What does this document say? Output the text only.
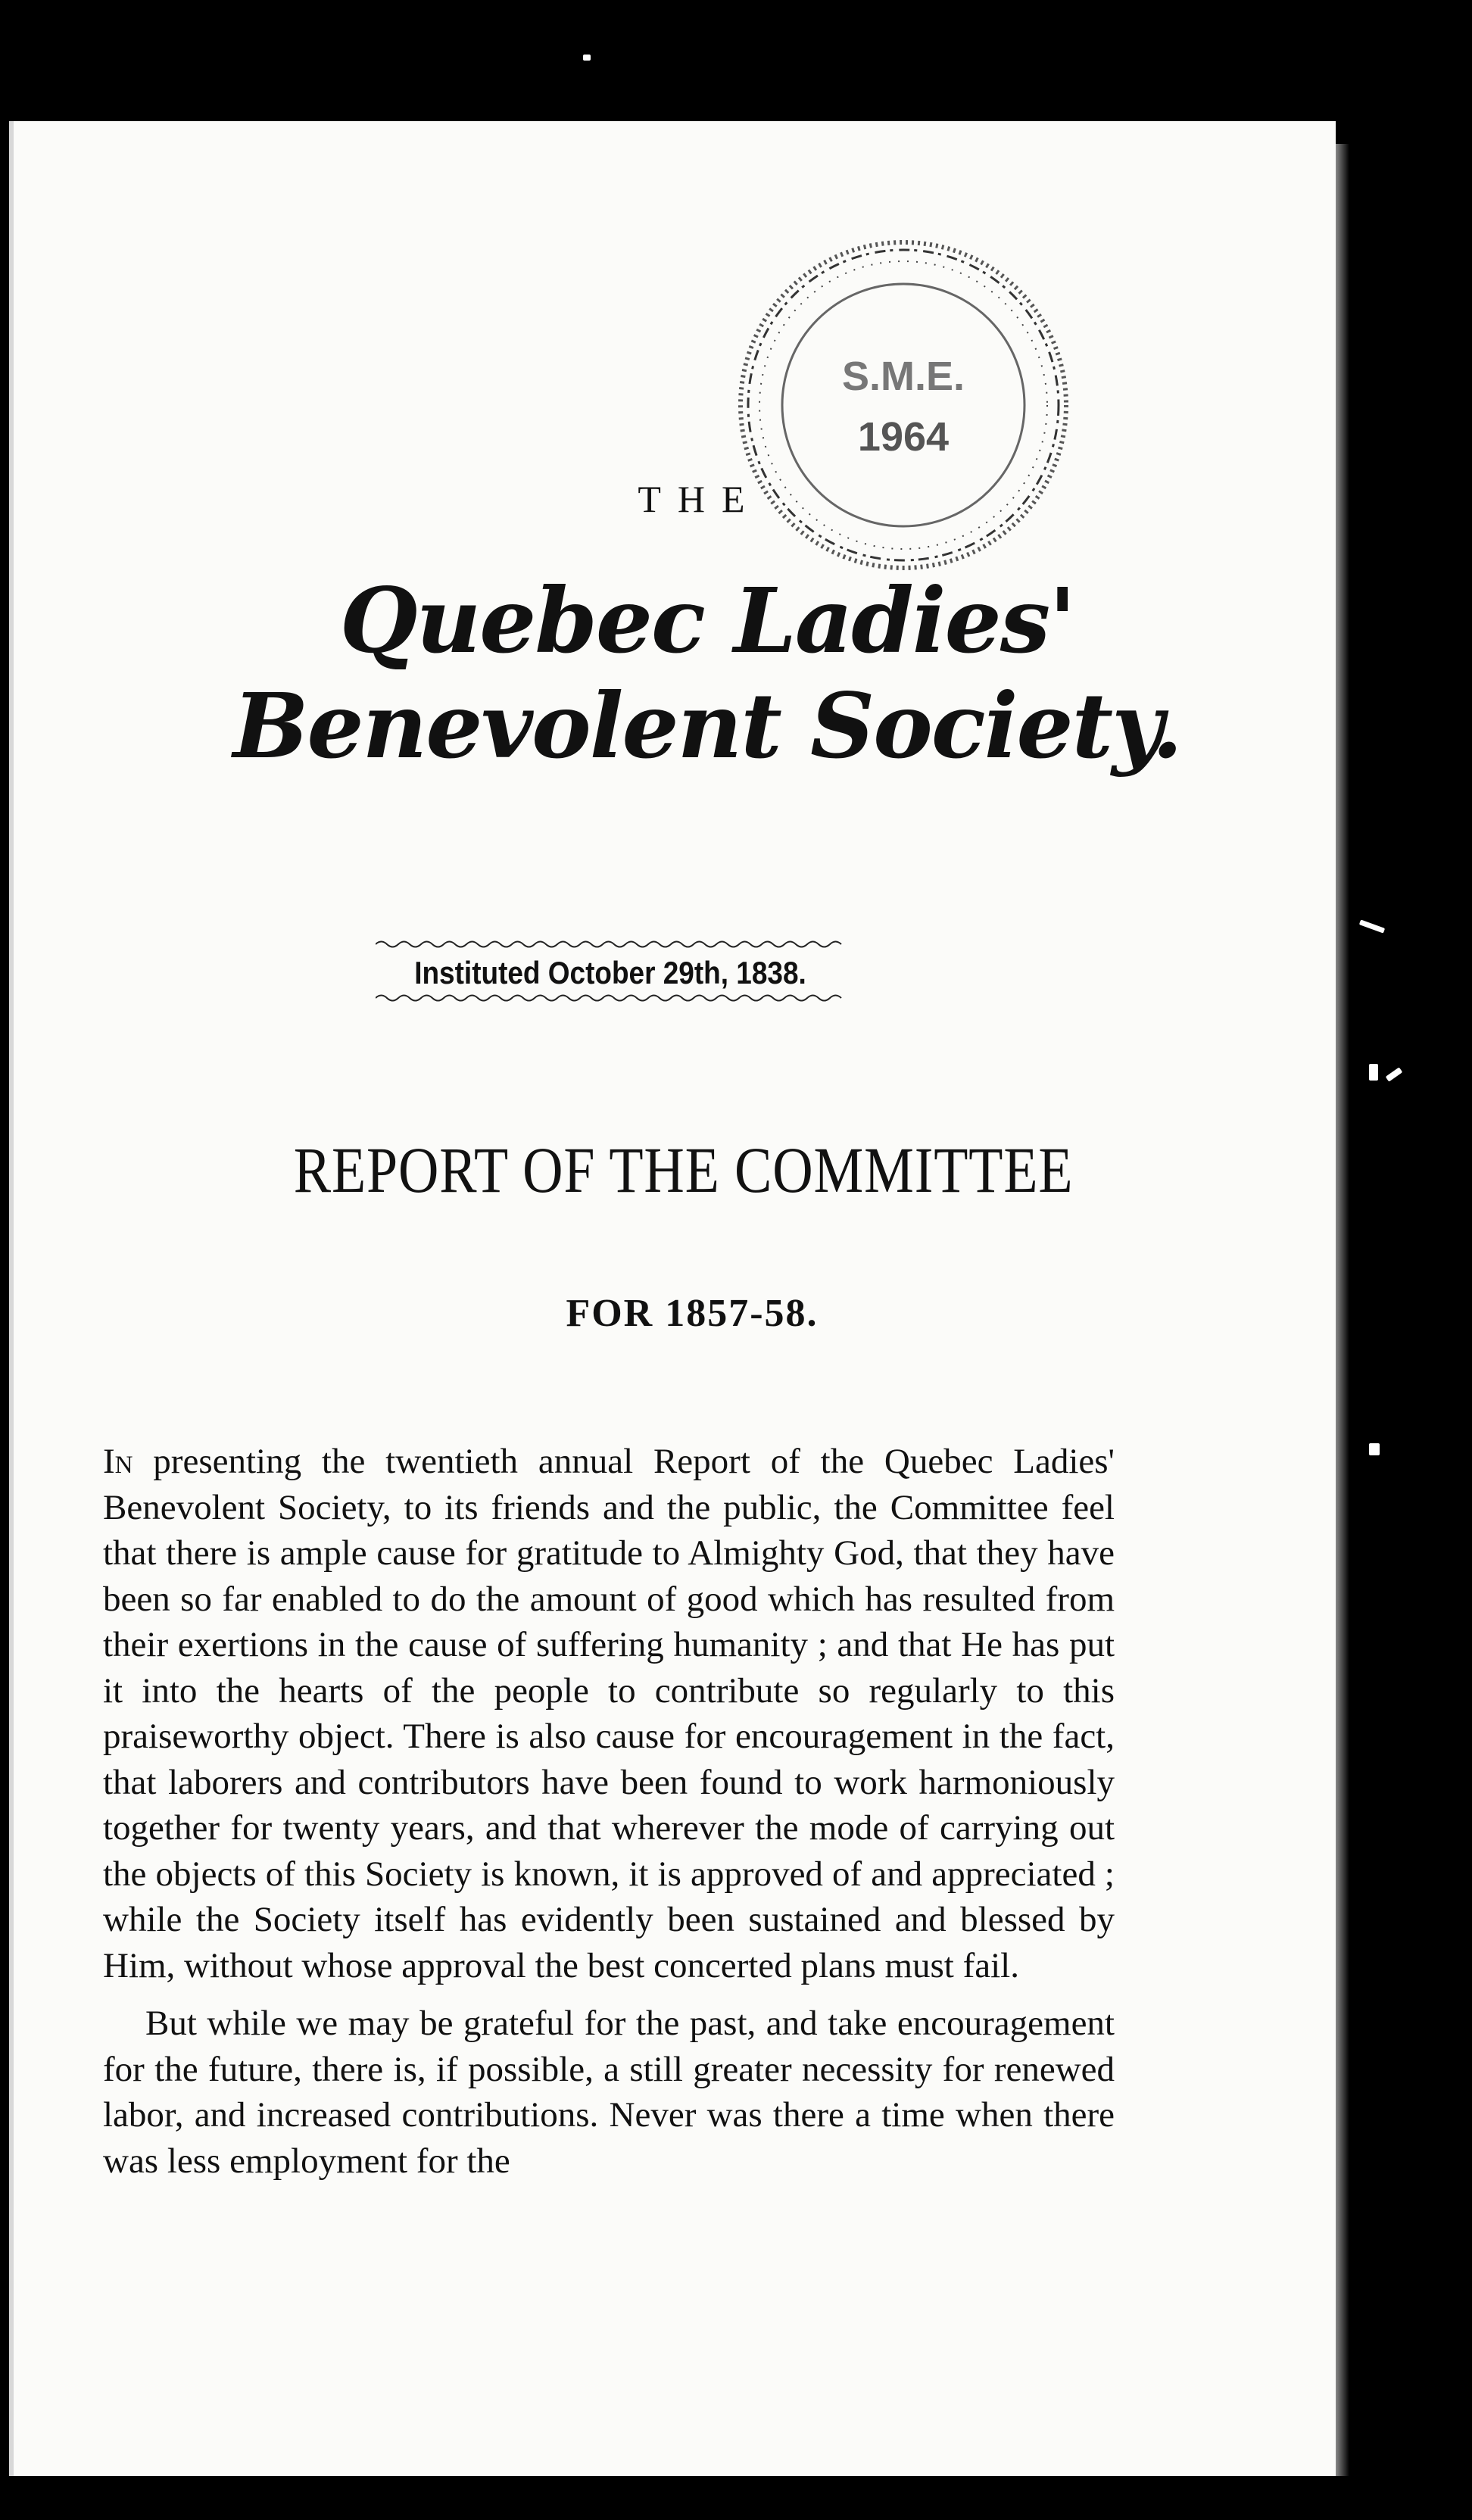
S.M.E.
1964
THE
Quebec Ladies' Benevolent Society.
Instituted October 29th, 1838.
REPORT OF THE COMMITTEE
FOR 1857-58.

In presenting the twentieth annual Report of the Quebec Ladies' Benevolent Society, to its friends and the public, the Committee feel that there is ample cause for gratitude to Almighty God, that they have been so far enabled to do the amount of good which has resulted from their exertions in the cause of suffering humanity ; and that He has put it into the hearts of the people to contribute so regularly to this praiseworthy object. There is also cause for encouragement in the fact, that laborers and contributors have been found to work harmoniously together for twenty years, and that wherever the mode of carrying out the objects of this Society is known, it is approved of and appreciated ; while the Society itself has evidently been sustained and blessed by Him, without whose approval the best concerted plans must fail.

But while we may be grateful for the past, and take encouragement for the future, there is, if possible, a still greater necessity for renewed labor, and increased contributions. Never was there a time when there was less employment for the
